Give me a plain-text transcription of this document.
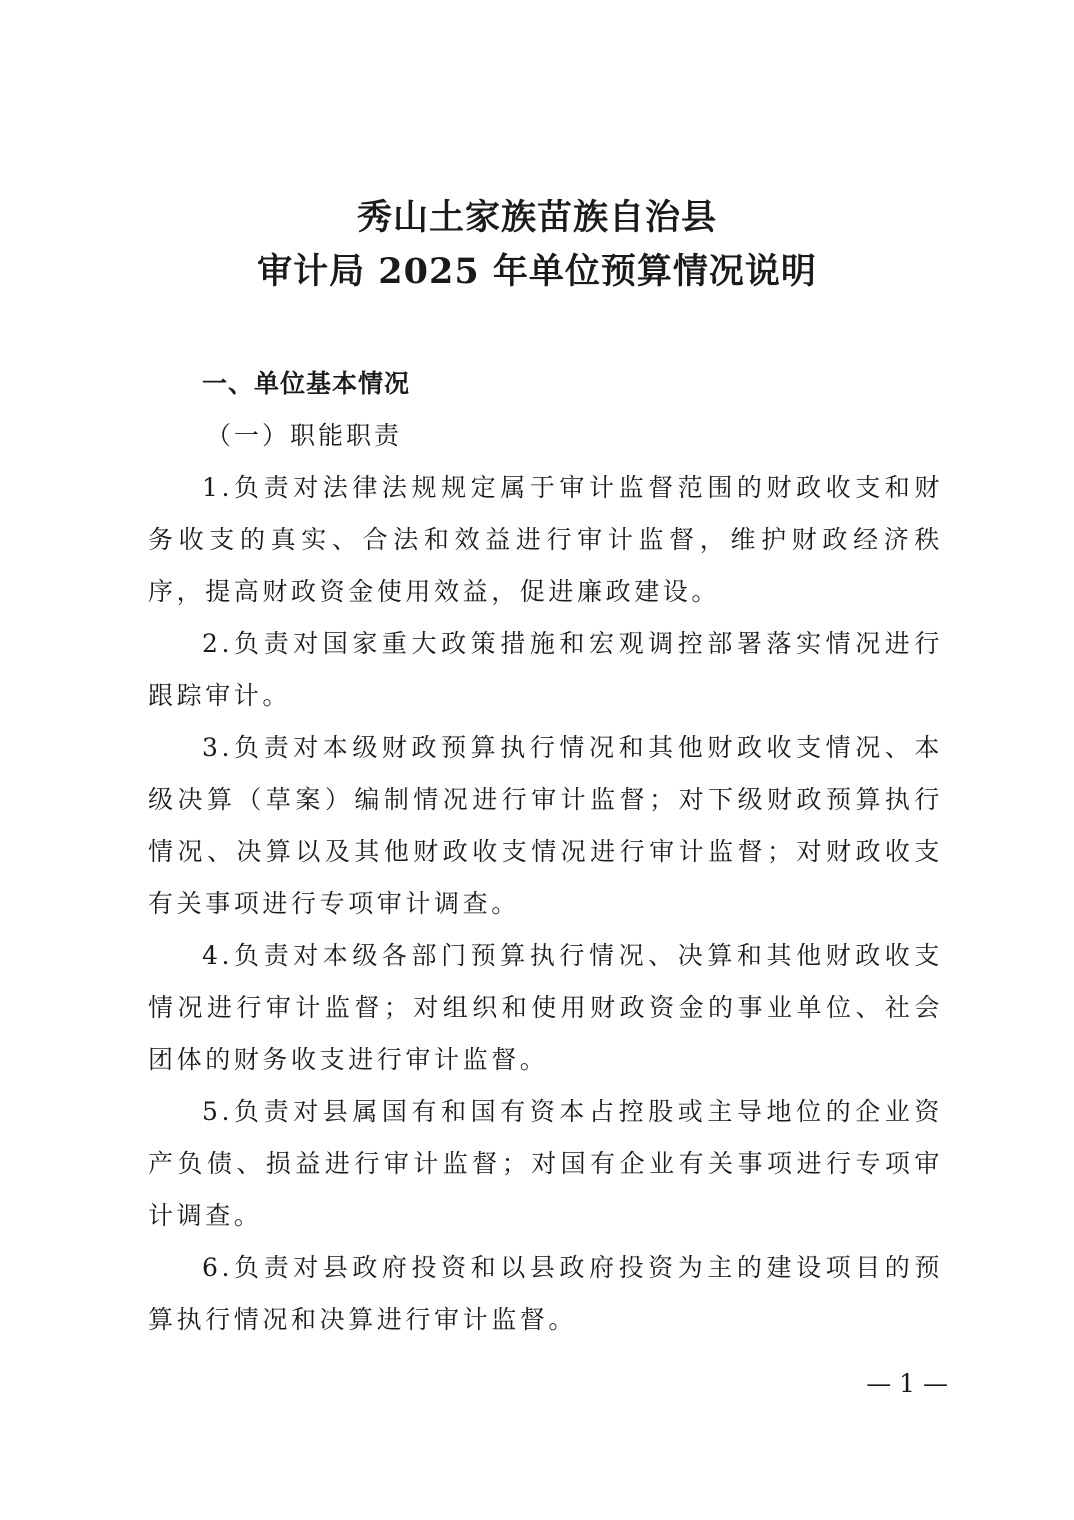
秀山土家族苗族自治县
审计局 2025 年单位预算情况说明

一、单位基本情况

（一）职能职责

1.负责对法律法规规定属于审计监督范围的财政收支和财务收支的真实、合法和效益进行审计监督，维护财政经济秩序，提高财政资金使用效益，促进廉政建设。

2.负责对国家重大政策措施和宏观调控部署落实情况进行跟踪审计。

3.负责对本级财政预算执行情况和其他财政收支情况、本级决算（草案）编制情况进行审计监督；对下级财政预算执行情况、决算以及其他财政收支情况进行审计监督；对财政收支有关事项进行专项审计调查。

4.负责对本级各部门预算执行情况、决算和其他财政收支情况进行审计监督；对组织和使用财政资金的事业单位、社会团体的财务收支进行审计监督。

5.负责对县属国有和国有资本占控股或主导地位的企业资产负债、损益进行审计监督；对国有企业有关事项进行专项审计调查。

6.负责对县政府投资和以县政府投资为主的建设项目的预算执行情况和决算进行审计监督。

— 1 —
